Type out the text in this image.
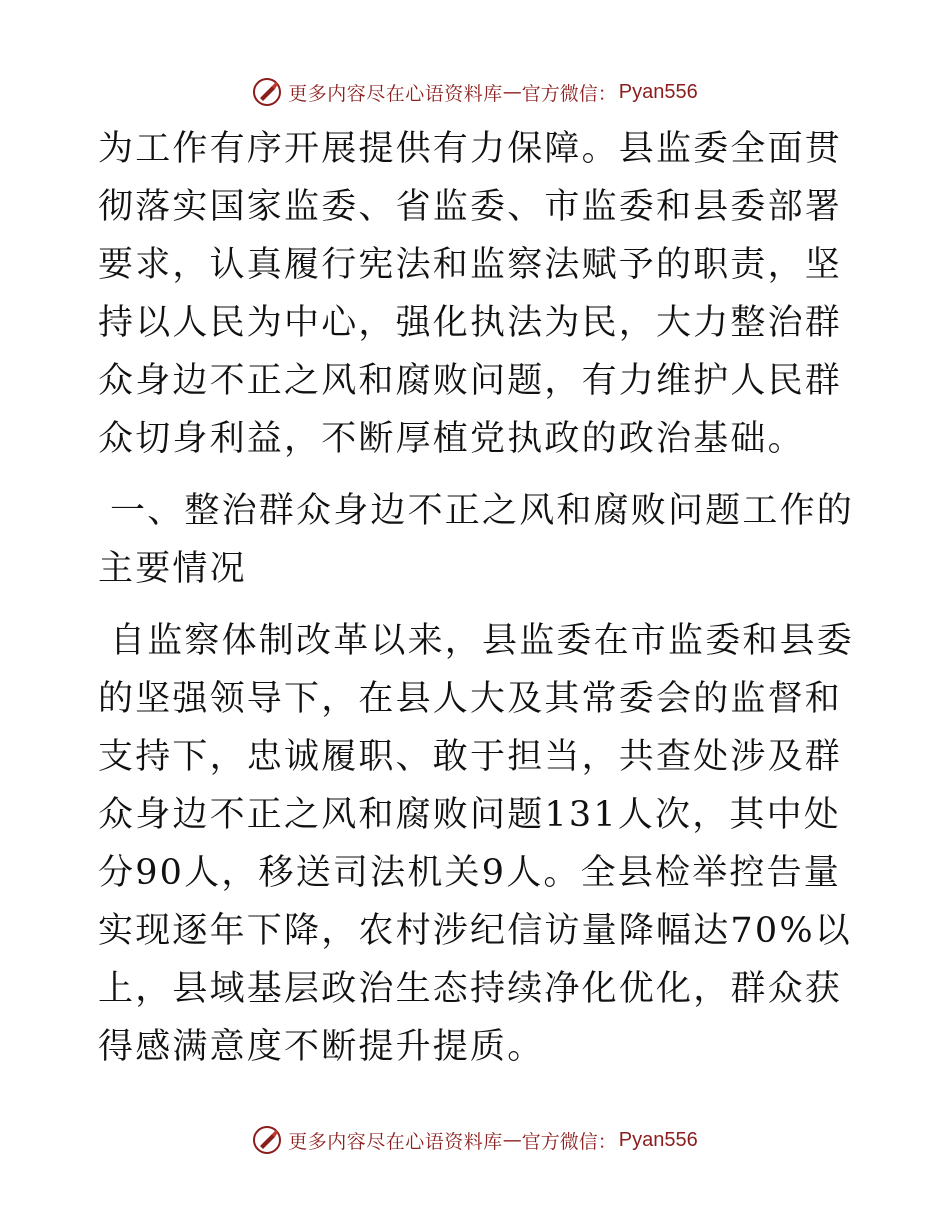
更多内容尽在心语资料库 — 官方微信： Pyan556

为工作有序开展提供有力保障。县监委全面贯彻落实国家监委、省监委、市监委和县委部署要求，认真履行宪法和监察法赋予的职责，坚持以人民为中心，强化执法为民，大力整治群众身边不正之风和腐败问题，有力维护人民群众切身利益，不断厚植党执政的政治基础。

一、整治群众身边不正之风和腐败问题工作的主要情况

自监察体制改革以来，县监委在市监委和县委的坚强领导下，在县人大及其常委会的监督和支持下，忠诚履职、敢于担当，共查处涉及群众身边不正之风和腐败问题131人次，其中处分90人，移送司法机关9人。全县检举控告量实现逐年下降，农村涉纪信访量降幅达70%以上，县域基层政治生态持续净化优化，群众获得感满意度不断提升提质。

更多内容尽在心语资料库 — 官方微信： Pyan556
